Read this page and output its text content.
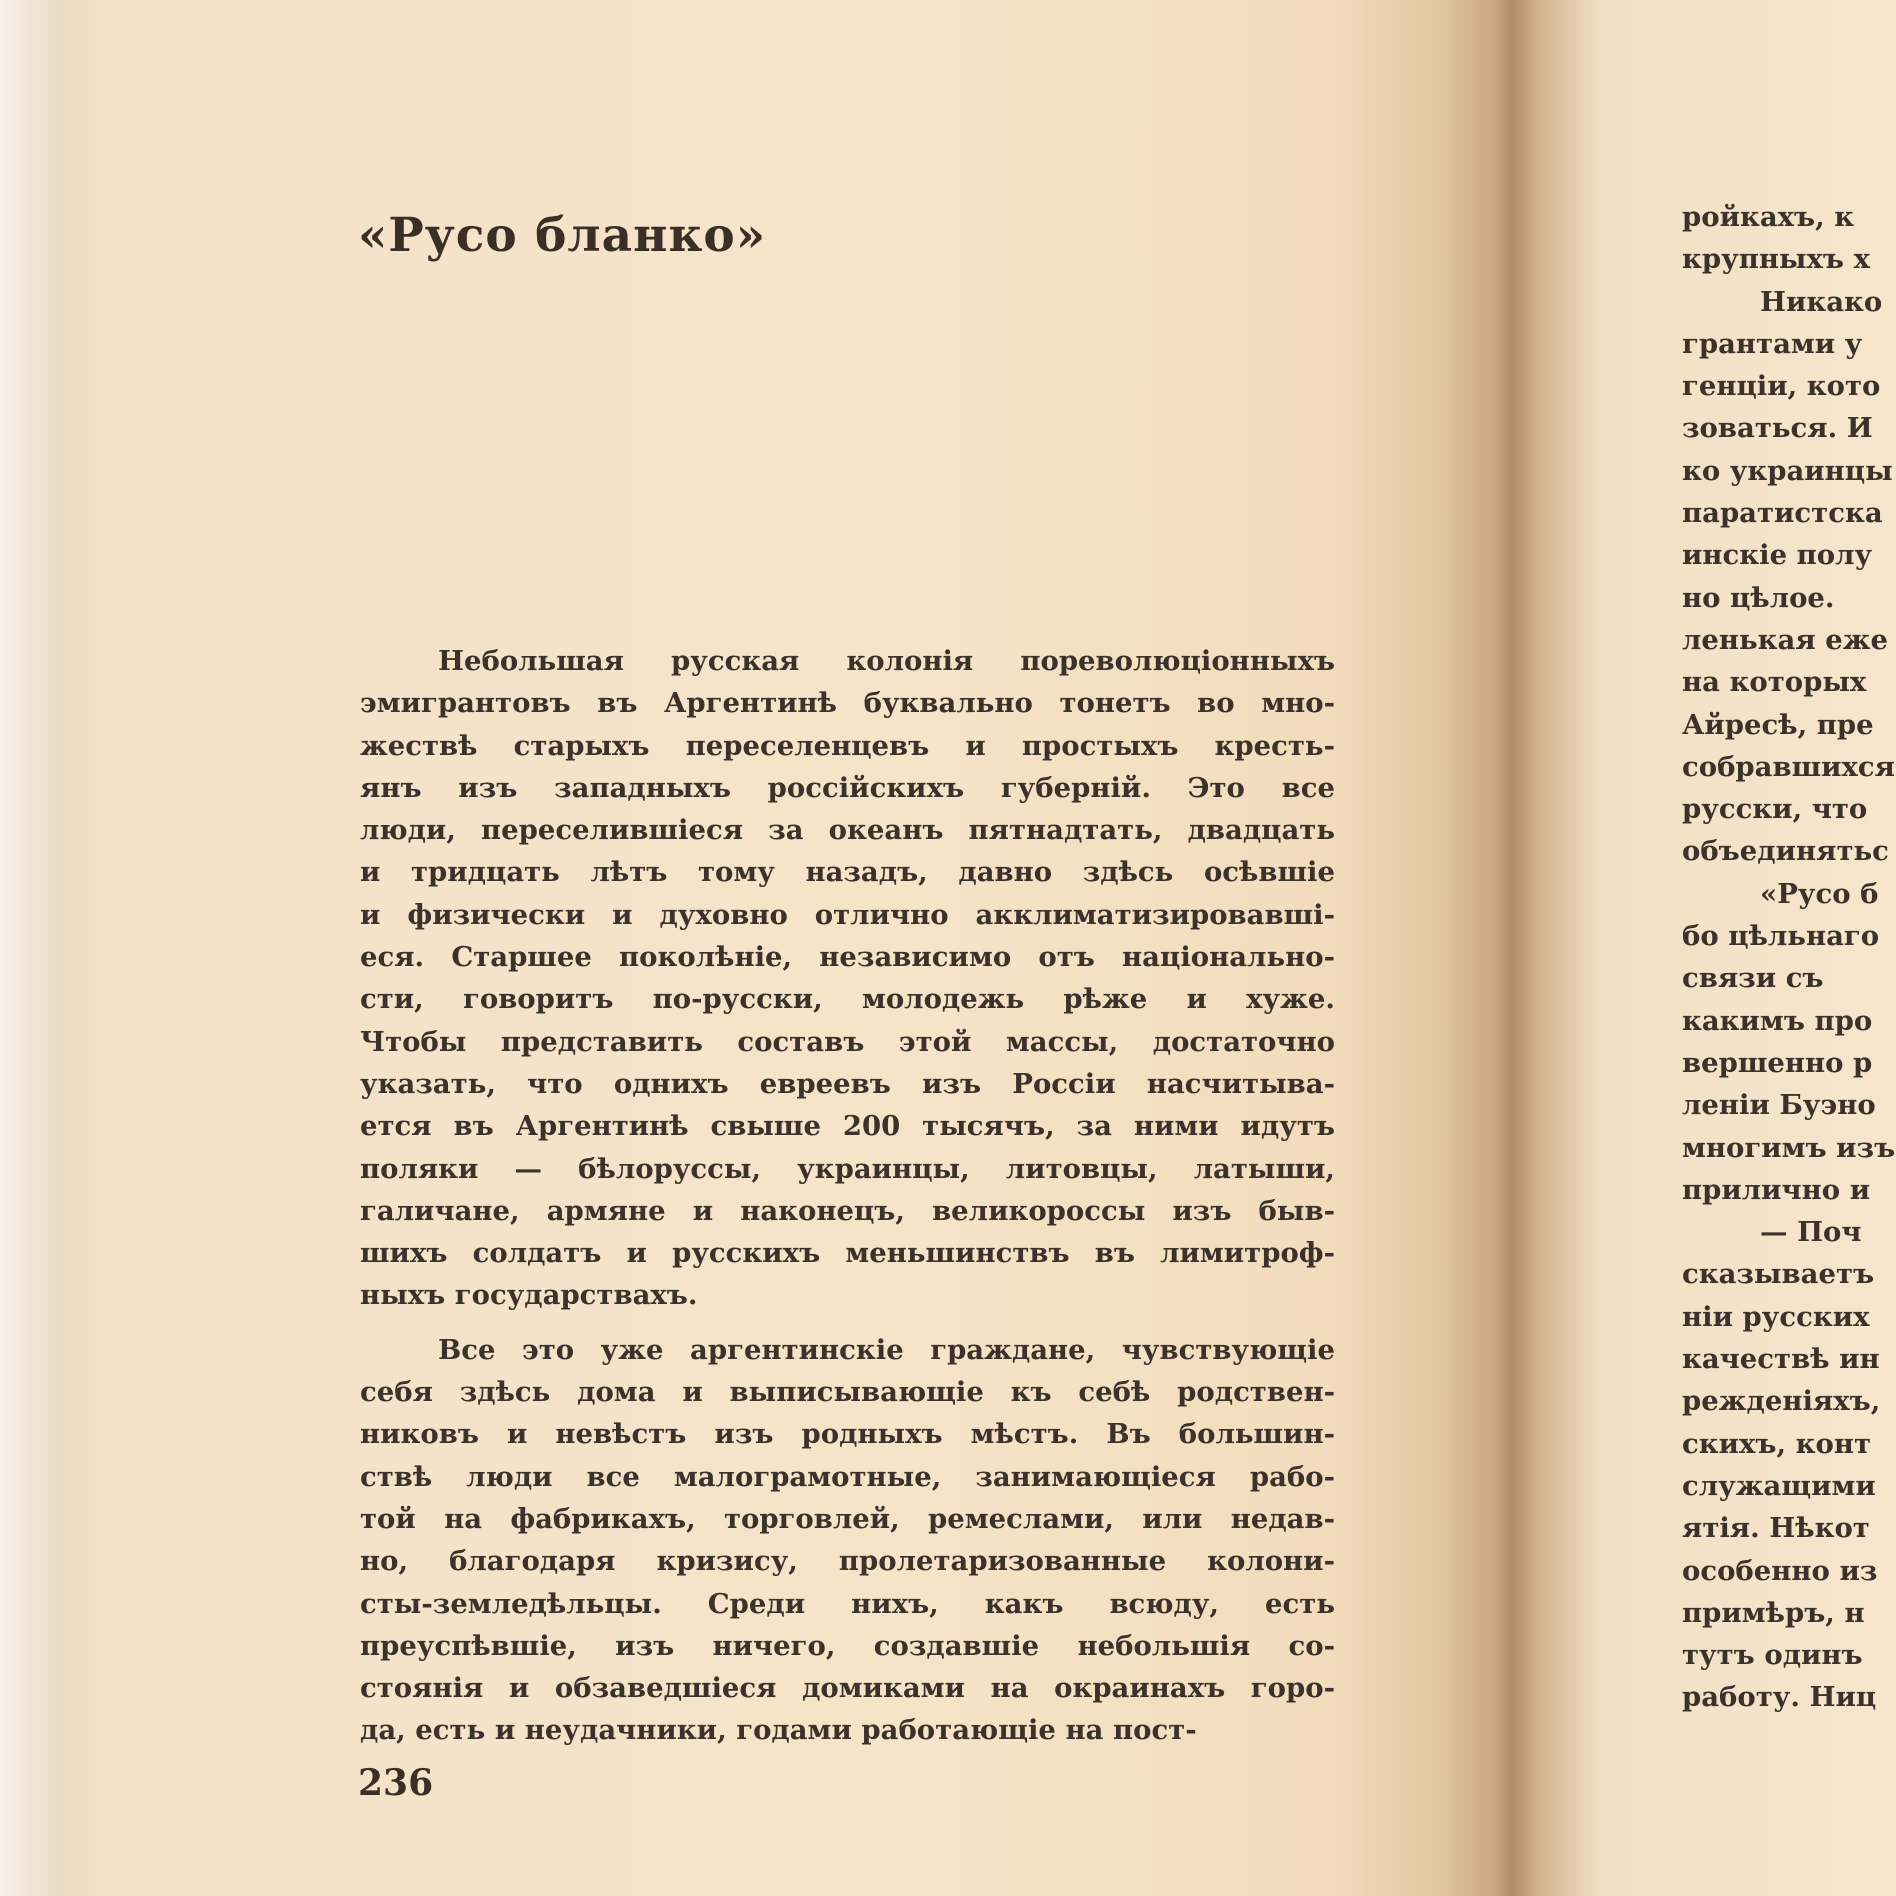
«Русо бланко»
Небольшая русская колонія пореволюціонныхъ
эмигрантовъ въ Аргентинѣ буквально тонетъ во мно-
жествѣ старыхъ переселенцевъ и простыхъ кресть-
янъ изъ западныхъ россійскихъ губерній. Это все
люди, переселившіеся за океанъ пятнадтать, двадцать
и тридцать лѣтъ тому назадъ, давно здѣсь осѣвшіе
и физически и духовно отлично акклиматизировавші-
еся. Старшее поколѣніе, независимо отъ національно-
сти, говоритъ по-русски, молодежь рѣже и хуже.
Чтобы представить составъ этой массы, достаточно
указать, что однихъ евреевъ изъ Россіи насчитыва-
ется въ Аргентинѣ свыше 200 тысячъ, за ними идутъ
поляки — бѣлоруссы, украинцы, литовцы, латыши,
галичане, армяне и наконецъ, великороссы изъ быв-
шихъ солдатъ и русскихъ меньшинствъ въ лимитроф-
ныхъ государствахъ.
Все это уже аргентинскіе граждане, чувствующіе
себя здѣсь дома и выписывающіе къ себѣ родствен-
никовъ и невѣстъ изъ родныхъ мѣстъ. Въ большин-
ствѣ люди все малограмотные, занимающіеся рабо-
той на фабрикахъ, торговлей, ремеслами, или недав-
но, благодаря кризису, пролетаризованные колони-
сты-земледѣльцы. Среди нихъ, какъ всюду, есть
преуспѣвшіе, изъ ничего, создавшіе небольшія со-
стоянія и обзаведшіеся домиками на окраинахъ горо-
да, есть и неудачники, годами работающіе на пост-
236
ройкахъ, к
крупныхъ х
Никако
грантами у
генціи, кото
зоваться. И
ко украинцы
паратистска
инскіе полу
но цѣлое.
ленькая еже
на которых
Айресѣ, пре
собравшихся
русски, что
объединятьс
«Русо б
бо цѣльнаго
связи съ
какимъ про
вершенно р
леніи Буэно
многимъ изъ
прилично и
— Поч
сказываетъ
ніи русских
качествѣ ин
режденіяхъ,
скихъ, конт
служащими
ятія. Нѣкот
особенно из
примѣръ, н
тутъ одинъ
работу. Ниц
